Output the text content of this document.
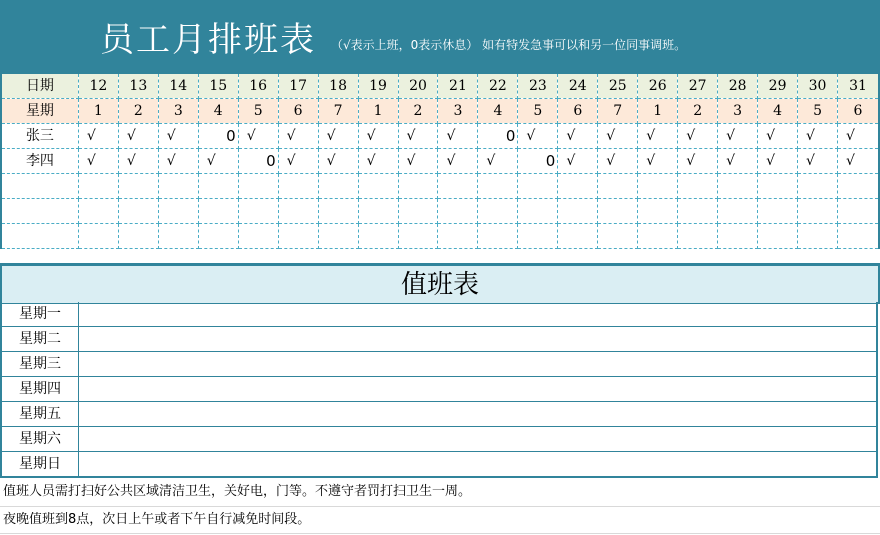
员工月排班表 （√表示上班，0表示休息） 如有特发急事可以和另一位同事调班。
日期	12	13	14	15	16	17	18	19	20	21	22	23	24	25	26	27	28	29	30	31
星期	1	2	3	4	5	6	7	1	2	3	4	5	6	7	1	2	3	4	5	6
张三	√	√	√	0	√	√	√	√	√	√	0	√	√	√	√	√	√	√	√	√
李四	√	√	√	√	0	√	√	√	√	√	√	0	√	√	√	√	√	√	√	√

值班表
星期一	
星期二	
星期三	
星期四	
星期五	
星期六	
星期日	
值班人员需打扫好公共区域清洁卫生，关好电，门等。不遵守者罚打扫卫生一周。
夜晚值班到8点，次日上午或者下午自行减免时间段。
